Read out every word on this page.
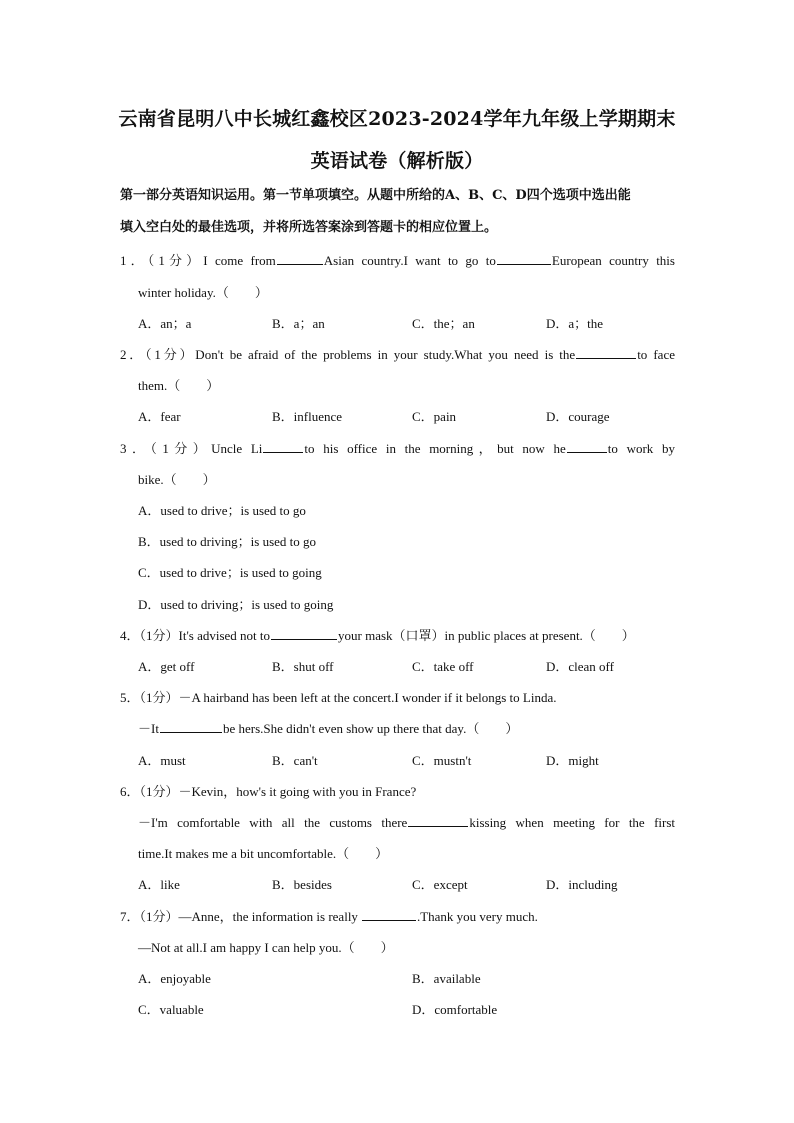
云南省昆明八中长城红鑫校区2023-2024学年九年级上学期期末
英语试卷（解析版）
第一部分英语知识运用。第一节单项填空。从题中所给的A、B、C、D四个选项中选出能
填入空白处的最佳选项，并将所选答案涂到答题卡的相应位置上。
1．（1分）I come from	Asian country.I want to go to	European country this
winter holiday.（　　）
A．an；a	B．a；an	C．the；an	D．a；the
2．（1分）Don't be afraid of the problems in your study.What you need is the	to face
them.（　　）
A．fear	B．influence	C．pain	D．courage
3．（1分）Uncle Li	to his office in the morning，but now he	to work by
bike.（　　）
A．used to drive；is used to go
B．used to driving；is used to go
C．used to drive；is used to going
D．used to driving；is used to going
4．（1分）It's advised not to	your mask（口罩）in public places at present.（　　）
A．get off	B．shut off	C．take off	D．clean off
5．（1分）－A hairband has been left at the concert.I wonder if it belongs to Linda.
－It	be hers.She didn't even show up there that day.（　　）
A．must	B．can't	C．mustn't	D．might
6．（1分）－Kevin，how's it going with you in France?
－I'm comfortable with all the customs there	kissing when meeting for the first
time.It makes me a bit uncomfortable.（　　）
A．like	B．besides	C．except	D．including
7．（1分）—Anne，the information is really	.Thank you very much.
—Not at all.I am happy I can help you.（　　）
A．enjoyable	B．available
C．valuable	D．comfortable
